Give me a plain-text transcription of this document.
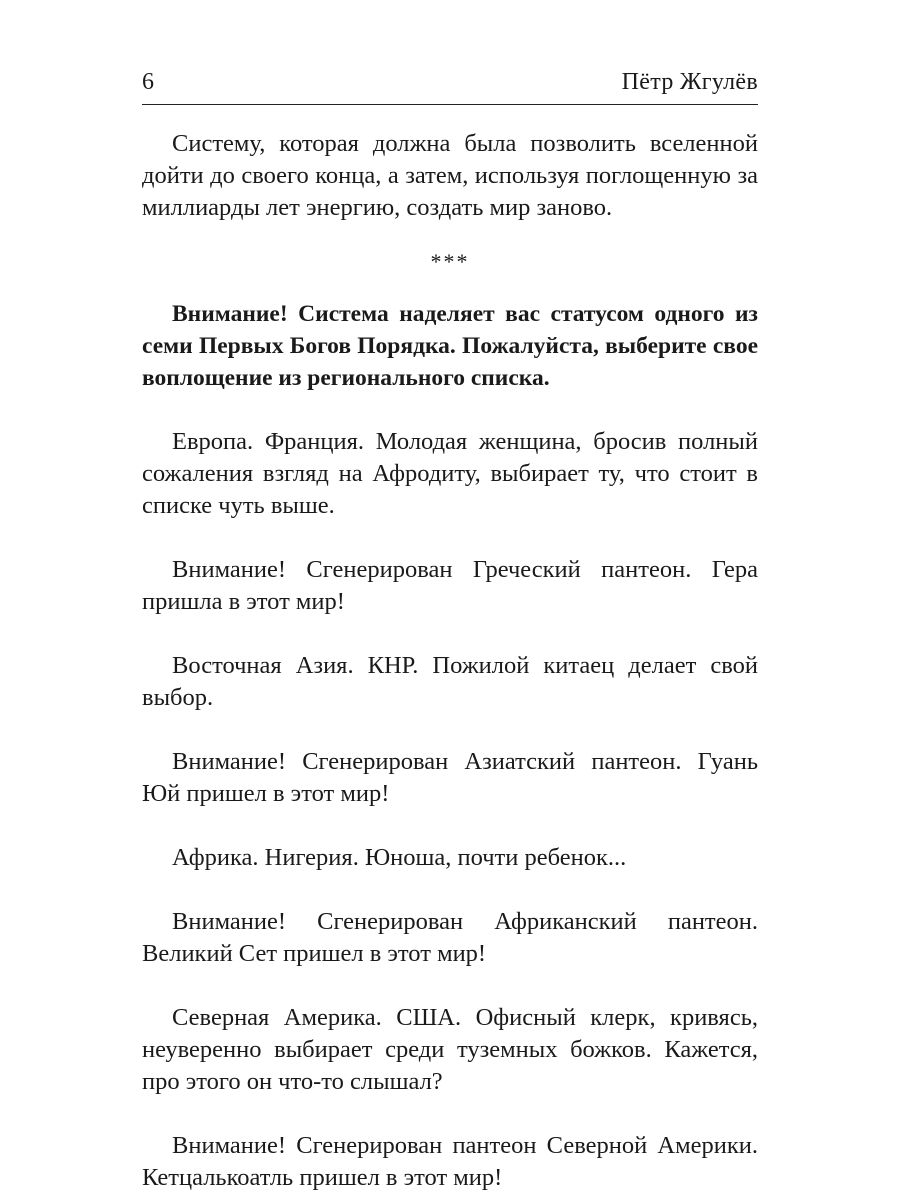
6	Пётр Жгулёв

Систему, которая должна была позволить вселенной дойти до своего конца, а затем, используя поглощенную за миллиарды лет энергию, создать мир заново.

***

Внимание! Система наделяет вас статусом одного из семи Первых Богов Порядка. Пожалуйста, выберите свое воплощение из регионального списка.

Европа. Франция. Молодая женщина, бросив полный сожаления взгляд на Афродиту, выбирает ту, что стоит в списке чуть выше.

Внимание! Сгенерирован Греческий пантеон. Гера пришла в этот мир!

Восточная Азия. КНР. Пожилой китаец делает свой выбор.

Внимание! Сгенерирован Азиатский пантеон. Гуань Юй пришел в этот мир!

Африка. Нигерия. Юноша, почти ребенок...

Внимание! Сгенерирован Африканский пантеон. Великий Сет пришел в этот мир!

Северная Америка. США. Офисный клерк, кривясь, неуверенно выбирает среди туземных божков. Кажется, про этого он что-то слышал?

Внимание! Сгенерирован пантеон Северной Америки. Кетцалькоатль пришел в этот мир!
